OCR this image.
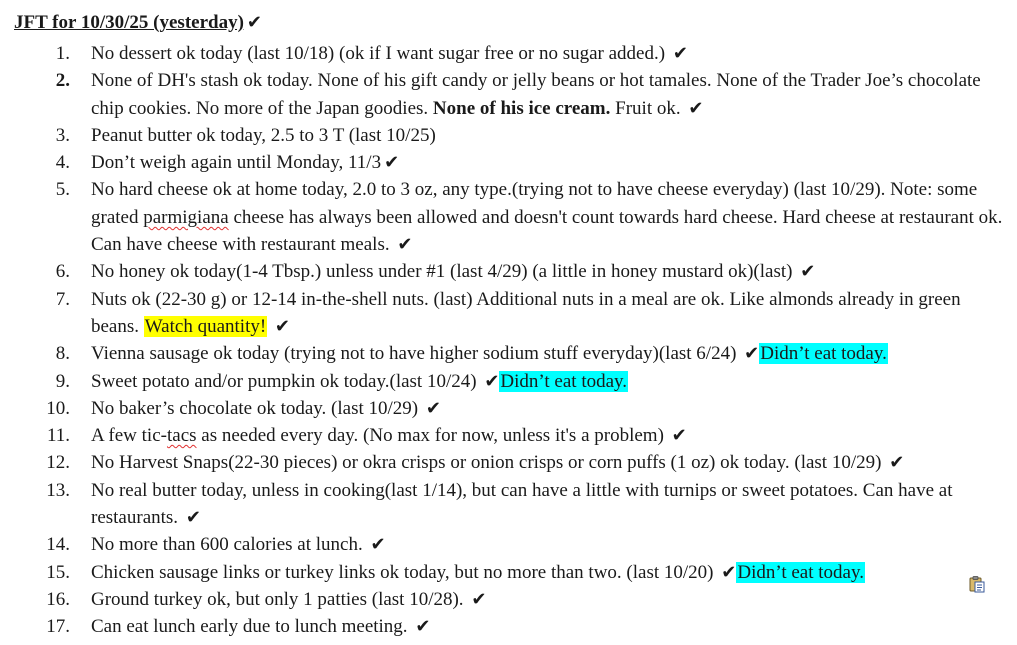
JFT for 10/30/25 (yesterday) ✔
1. No dessert ok today (last 10/18) (ok if I want sugar free or no sugar added.) ✔
2. None of DH's stash ok today. None of his gift candy or jelly beans or hot tamales. None of the Trader Joe’s chocolate chip cookies. No more of the Japan goodies. None of his ice cream. Fruit ok. ✔
3. Peanut butter ok today, 2.5 to 3 T (last 10/25)
4. Don’t weigh again until Monday, 11/3 ✔
5. No hard cheese ok at home today, 2.0 to 3 oz, any type.(trying not to have cheese everyday) (last 10/29). Note: some grated parmigiana cheese has always been allowed and doesn't count towards hard cheese. Hard cheese at restaurant ok. Can have cheese with restaurant meals. ✔
6. No honey ok today(1-4 Tbsp.) unless under #1 (last 4/29) (a little in honey mustard ok)(last) ✔
7. Nuts ok (22-30 g) or 12-14 in-the-shell nuts. (last) Additional nuts in a meal are ok. Like almonds already in green beans. Watch quantity! ✔
8. Vienna sausage ok today (trying not to have higher sodium stuff everyday)(last 6/24) ✔Didn’t eat today.
9. Sweet potato and/or pumpkin ok today.(last 10/24) ✔Didn’t eat today.
10. No baker’s chocolate ok today. (last 10/29) ✔
11. A few tic-tacs as needed every day. (No max for now, unless it's a problem) ✔
12. No Harvest Snaps(22-30 pieces) or okra crisps or onion crisps or corn puffs (1 oz) ok today. (last 10/29) ✔
13. No real butter today, unless in cooking(last 1/14), but can have a little with turnips or sweet potatoes. Can have at restaurants. ✔
14. No more than 600 calories at lunch. ✔
15. Chicken sausage links or turkey links ok today, but no more than two. (last 10/20) ✔Didn’t eat today.
16. Ground turkey ok, but only 1 patties (last 10/28). ✔
17. Can eat lunch early due to lunch meeting. ✔
